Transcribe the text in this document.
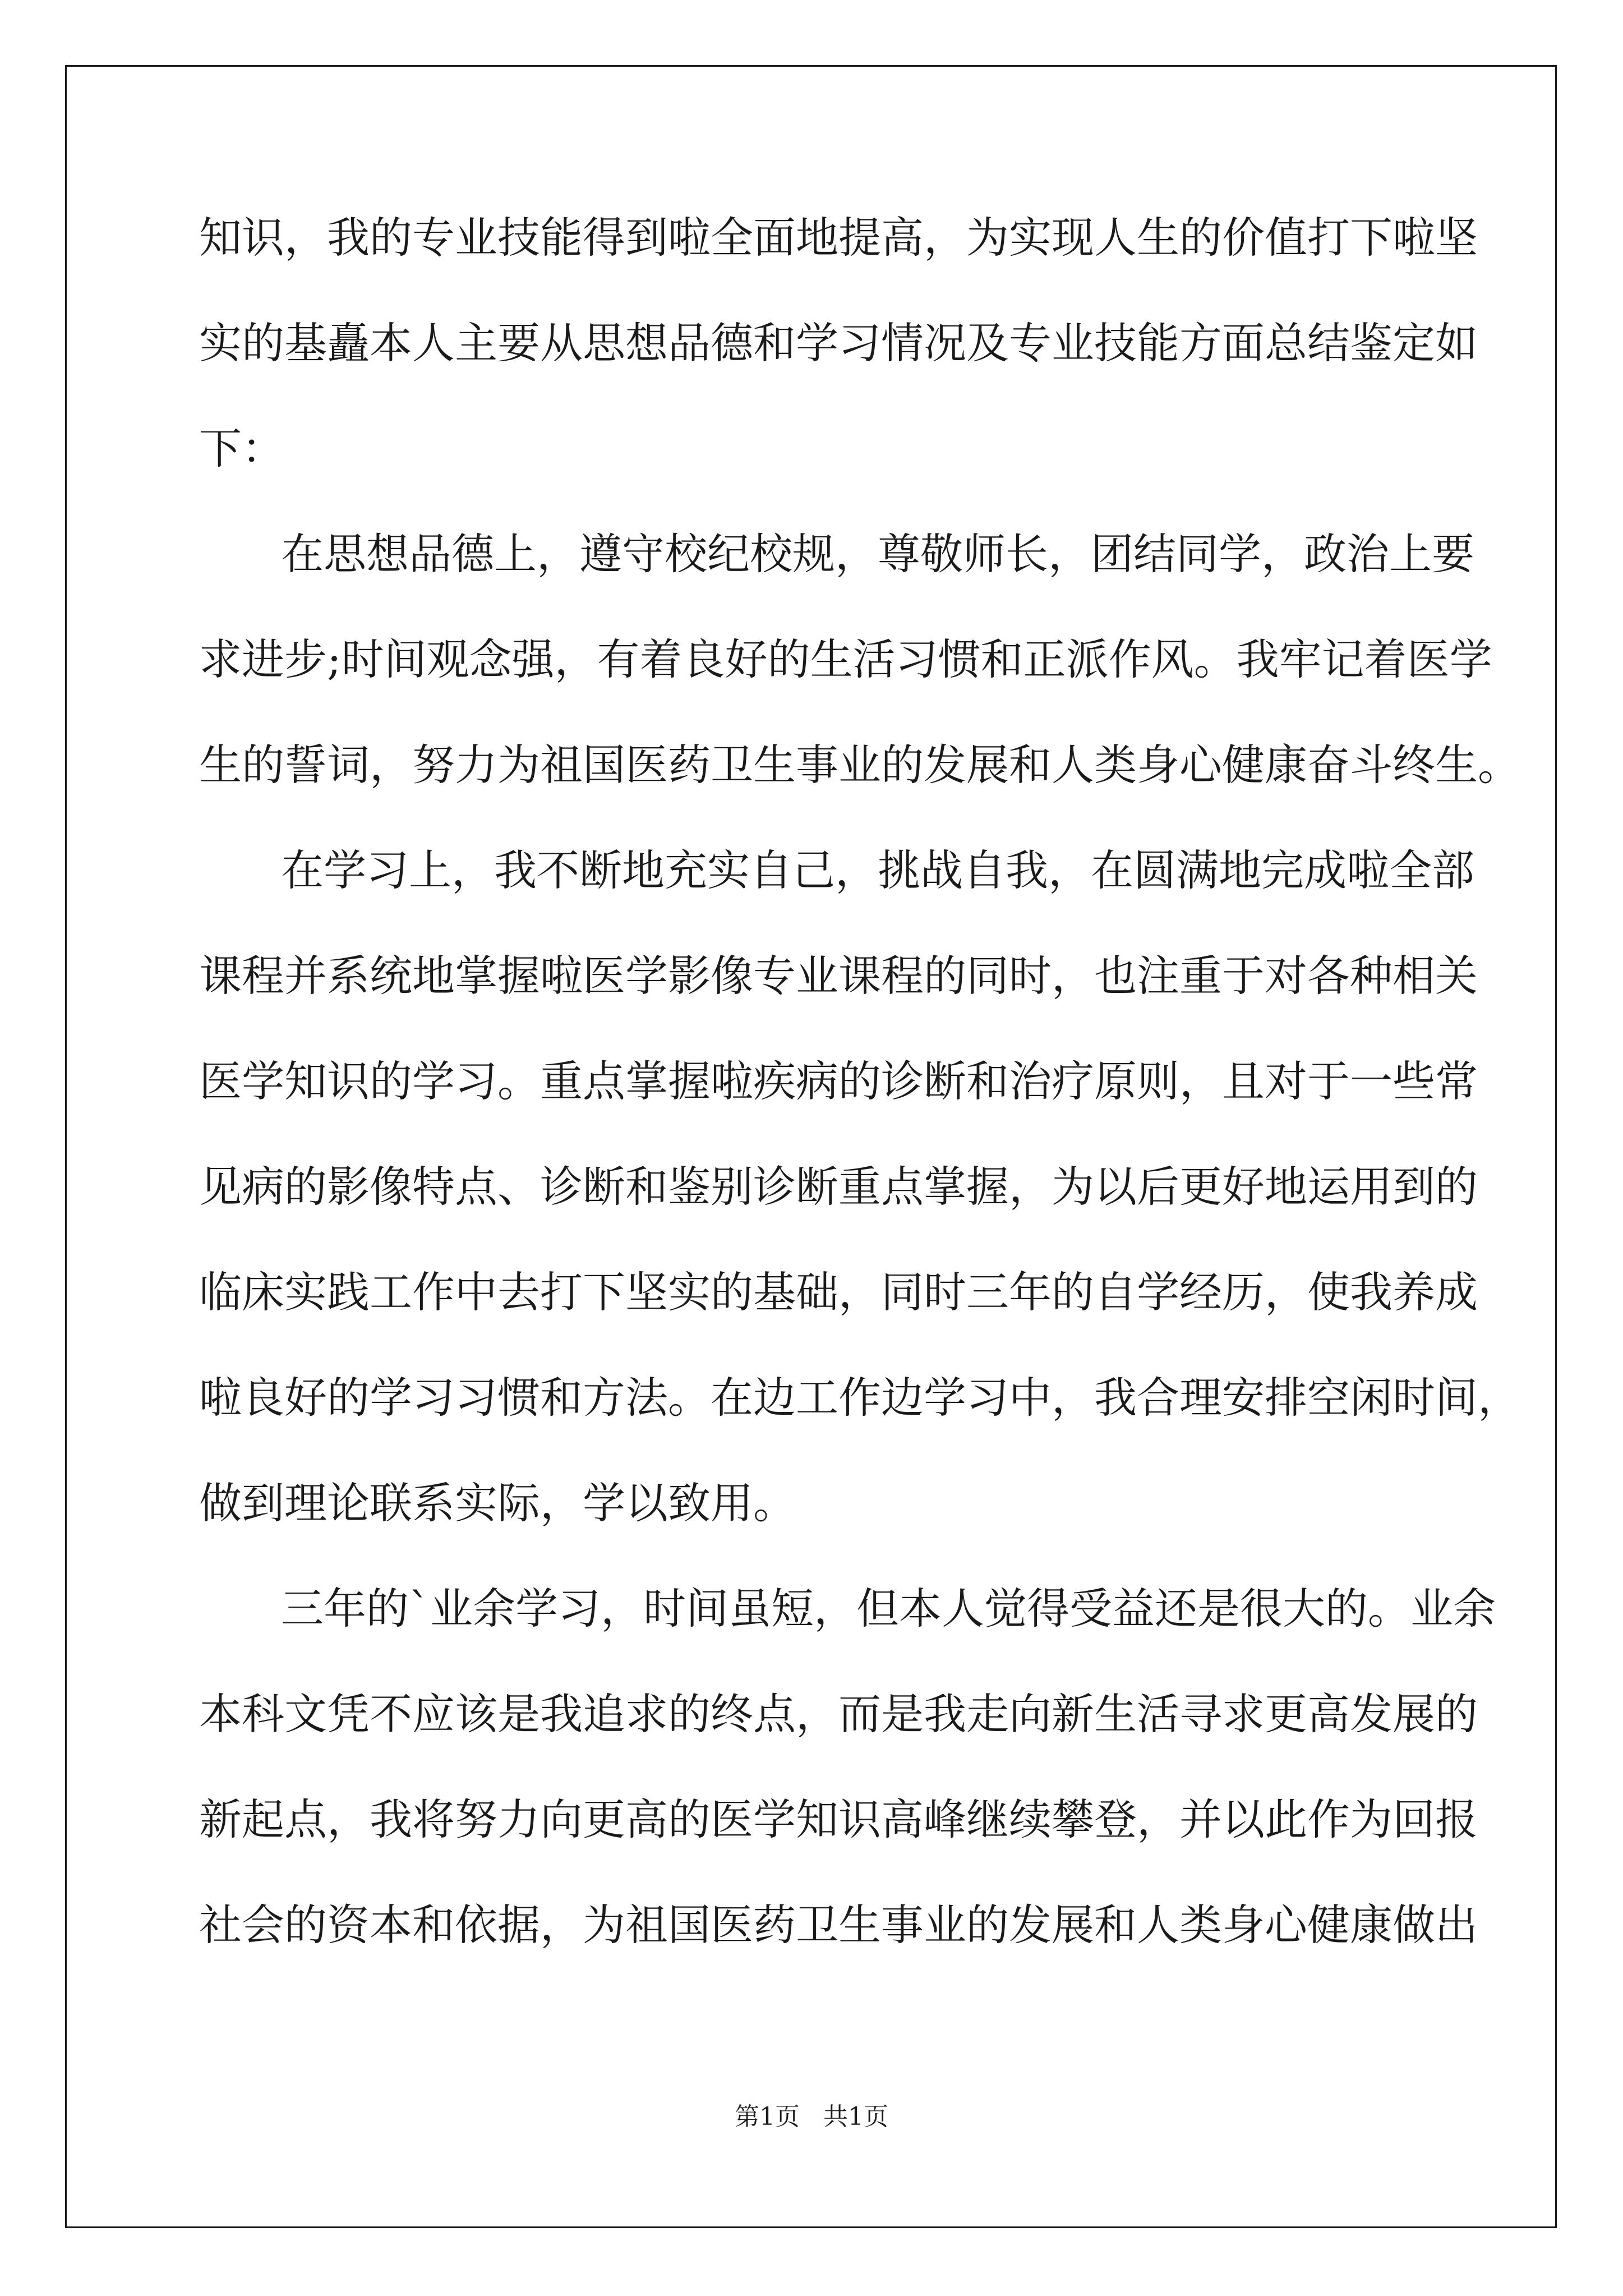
知识，我的专业技能得到啦全面地提高，为实现人生的价值打下啦坚
实的基矗本人主要从思想品德和学习情况及专业技能方面总结鉴定如
下：
在思想品德上，遵守校纪校规，尊敬师长，团结同学，政治上要
求进步;时间观念强，有着良好的生活习惯和正派作风。我牢记着医学
生的誓词，努力为祖国医药卫生事业的发展和人类身心健康奋斗终生。
在学习上，我不断地充实自己，挑战自我，在圆满地完成啦全部
课程并系统地掌握啦医学影像专业课程的同时，也注重于对各种相关
医学知识的学习。重点掌握啦疾病的诊断和治疗原则，且对于一些常
见病的影像特点、诊断和鉴别诊断重点掌握，为以后更好地运用到的
临床实践工作中去打下坚实的基础，同时三年的自学经历，使我养成
啦良好的学习习惯和方法。在边工作边学习中，我合理安排空闲时间，
做到理论联系实际，学以致用。
三年的`业余学习，时间虽短，但本人觉得受益还是很大的。业余
本科文凭不应该是我追求的终点，而是我走向新生活寻求更高发展的
新起点，我将努力向更高的医学知识高峰继续攀登，并以此作为回报
社会的资本和依据，为祖国医药卫生事业的发展和人类身心健康做出
第1页   共1页
